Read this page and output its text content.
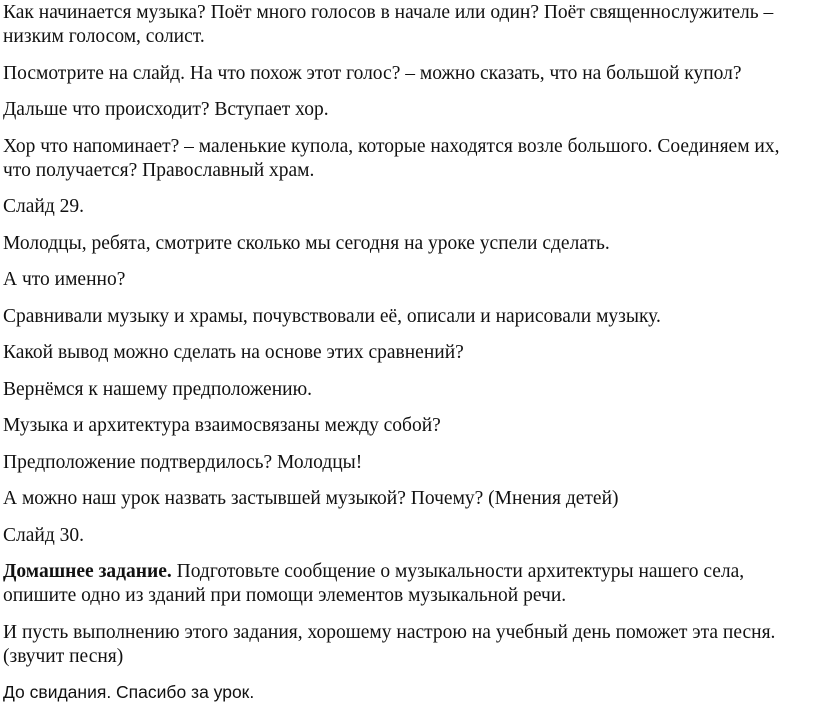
Как начинается музыка? Поёт много голосов в начале или один? Поёт священнослужитель – низким голосом, солист.

Посмотрите на слайд. На что похож этот голос? – можно сказать, что на большой купол?

Дальше что происходит? Вступает хор.

Хор что напоминает? – маленькие купола, которые находятся возле большого. Соединяем их, что получается? Православный храм.

Слайд 29.

Молодцы, ребята, смотрите сколько мы сегодня на уроке успели сделать.

А что именно?

Сравнивали музыку и храмы, почувствовали её, описали и нарисовали музыку.

Какой вывод можно сделать на основе этих сравнений?

Вернёмся к нашему предположению.

Музыка и архитектура взаимосвязаны между собой?

Предположение подтвердилось? Молодцы!

А можно наш урок назвать застывшей музыкой? Почему? (Мнения детей)

Слайд 30.

Домашнее задание. Подготовьте сообщение о музыкальности архитектуры нашего села, опишите одно из зданий при помощи элементов музыкальной речи.

И пусть выполнению этого задания, хорошему настрою на учебный день поможет эта песня. (звучит песня)

До свидания. Спасибо за урок.
